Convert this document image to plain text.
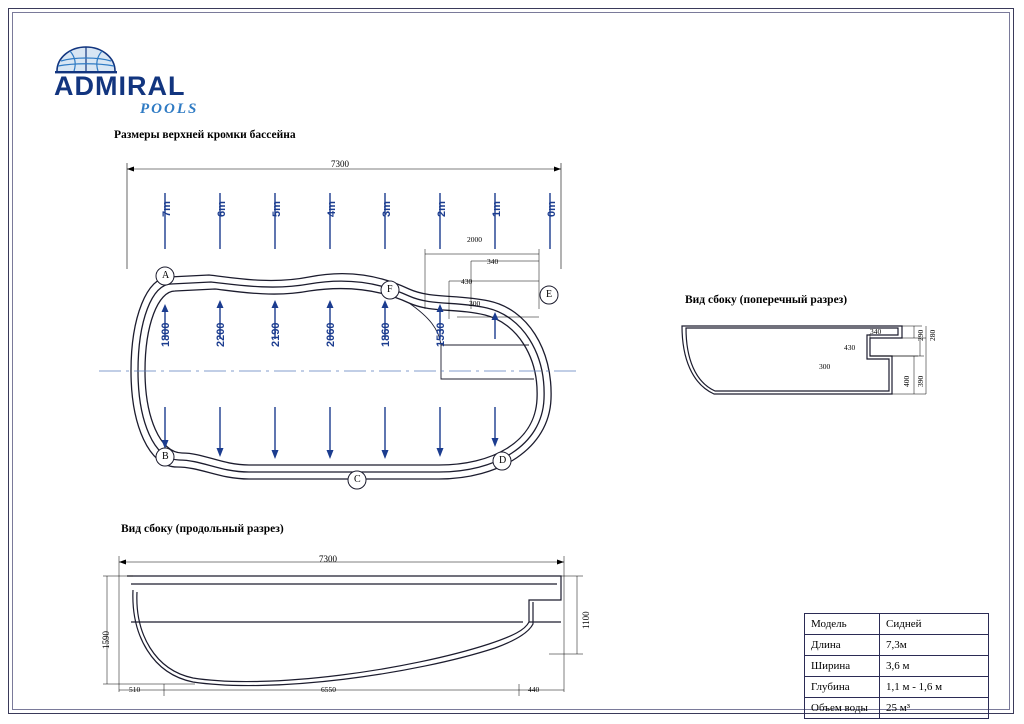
ADMIRAL
POOLS
Размеры верхней кромки бассейна
7300
7m	6m	5m	4m	3m	2m	1m	0m
1800	2200	2190	2060	1860	1530
A
B
C
D
E
F
2000
340
430
300	Вид сбоку (поперечный разрез)
340
430
300
280
290
390
400
Вид сбоку (продольный разрез)
7300
1590
1100
510	6550	440
Модель	Сидней
Длина	7,3м
Ширина	3,6 м
Глубина	1,1 м - 1,6 м
Объем воды	25 м³
